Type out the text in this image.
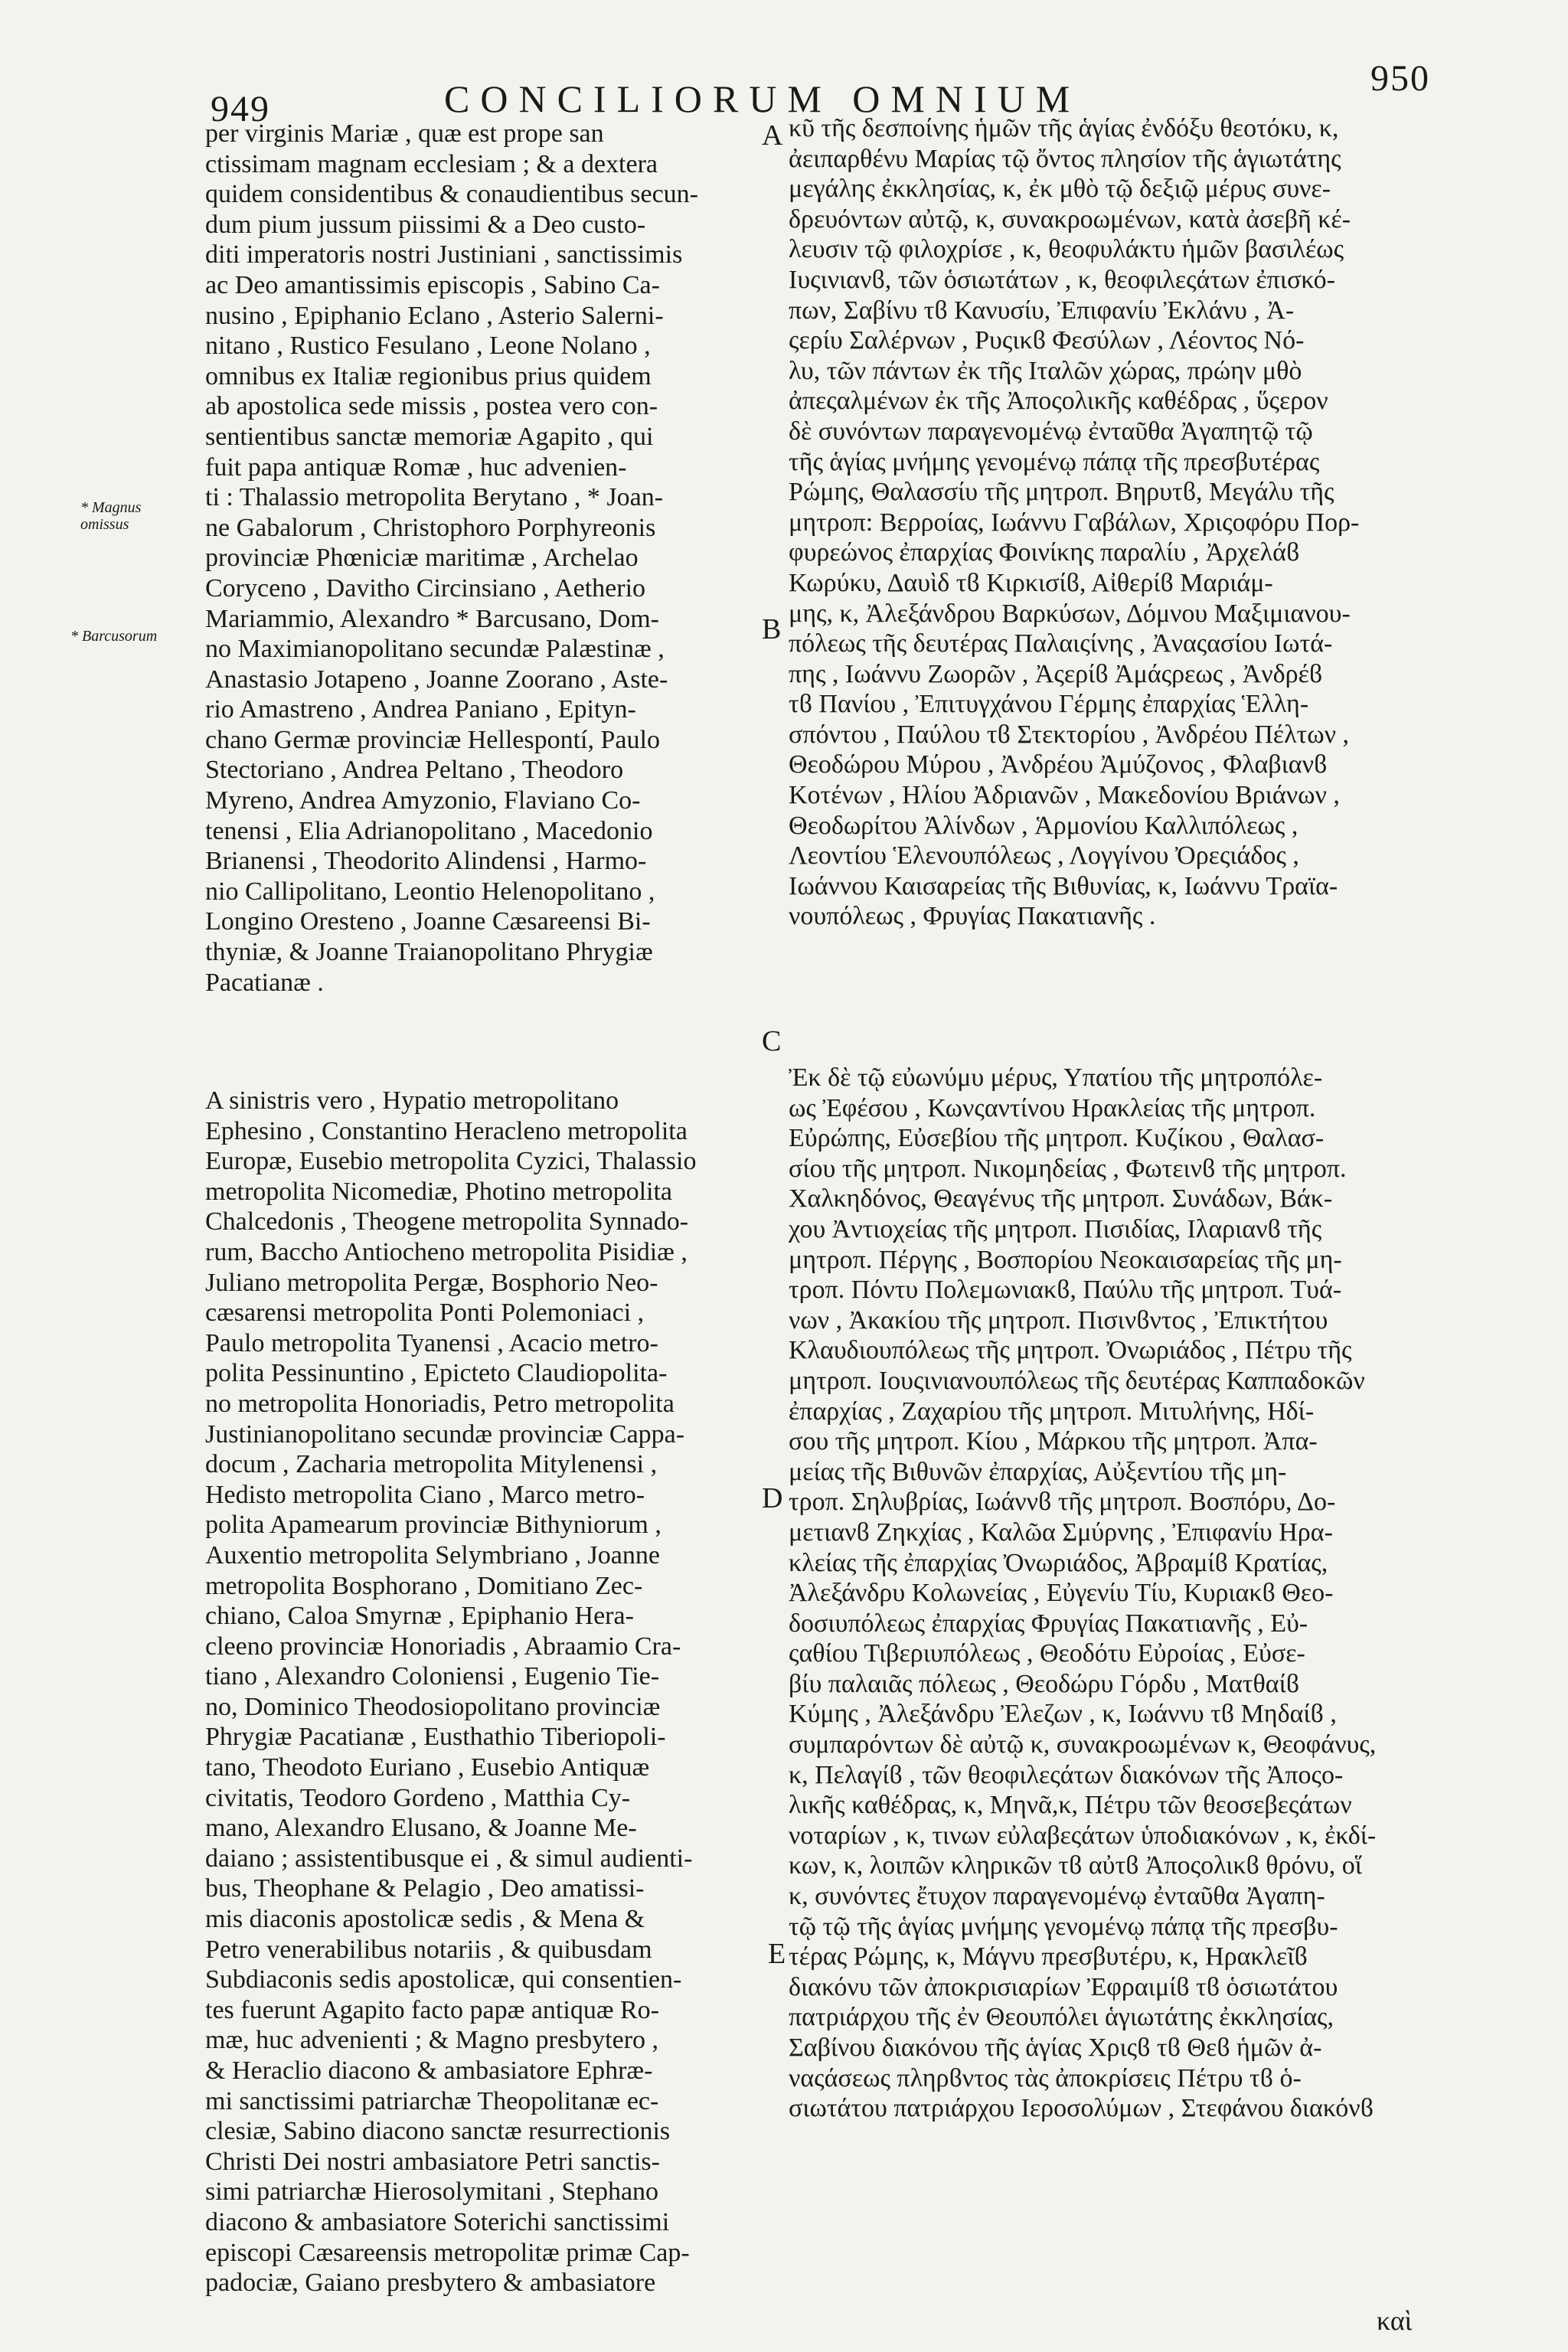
949	CONCILIORUM OMNIUM	950
* Magnus omissus
* Barcusorum
A
B
C
D
E
per virginis Mariæ , quæ est prope san
ctissimam magnam ecclesiam ; & a dextera
quidem considentibus & conaudientibus secun-
dum pium jussum piissimi & a Deo custo-
diti imperatoris nostri Justiniani , sanctissimis
ac Deo amantissimis episcopis , Sabino Ca-
nusino , Epiphanio Eclano , Asterio Salerni-
nitano , Rustico Fesulano , Leone Nolano ,
omnibus ex Italiæ regionibus prius quidem
ab apostolica sede missis , postea vero con-
sentientibus sanctæ memoriæ Agapito , qui
fuit papa antiquæ Romæ , huc advenien-
ti : Thalassio metropolita Berytano , * Joan-
ne Gabalorum , Christophoro Porphyreonis
provinciæ Phœniciæ maritimæ , Archelao
Coryceno , Davitho Circinsiano , Aetherio
Mariammio, Alexandro * Barcusano, Dom-
no Maximianopolitano secundæ Palæstinæ ,
Anastasio Jotapeno , Joanne Zoorano , Aste-
rio Amastreno , Andrea Paniano , Epityn-
chano Germæ provinciæ Hellespontí, Paulo
Stectoriano , Andrea Peltano , Theodoro
Myreno, Andrea Amyzonio, Flaviano Co-
tenensi , Elia Adrianopolitano , Macedonio
Brianensi , Theodorito Alindensi , Harmo-
nio Callipolitano, Leontio Helenopolitano ,
Longino Oresteno , Joanne Cæsareensi Bi-
thyniæ, & Joanne Traianopolitano Phrygiæ
Pacatianæ .
κῦ τῆς δεσποίνης ἡμῶν τῆς ἁγίας ἐνδόξυ θεοτόκυ, κ,
ἀειπαρθένυ Μαρίας τῷ ὄντος πλησίον τῆς ἁγιωτάτης
μεγάλης ἐκκλησίας, κ, ἐκ μθὸ τῷ δεξιῷ μέρυς συνε-
δρευόντων αὐτῷ, κ, συνακροωμένων, κατὰ ἀσεβῆ κέ-
λευσιν τῷ φιλοχρίσε , κ, θεοφυλάκτυ ἡμῶν βασιλέως
Ιυςινιανϐ, τῶν ὁσιωτάτων , κ, θεοφιλεςάτων ἐπισκό-
πων, Σαβίνυ τϐ Κανυσίυ, Ἐπιφανίυ Ἐκλάνυ , Ἀ-
ςερίυ Σαλέρνων , Ρυςικϐ Φεσύλων , Λέοντος Νό-
λυ, τῶν πάντων ἐκ τῆς Ιταλῶν χώρας, πρώην μθὸ
ἀπεςαλμένων ἐκ τῆς Ἀποςολικῆς καθέδρας , ὕςερον
δὲ συνόντων παραγενομένῳ ἐνταῦθα Ἀγαπητῷ τῷ
τῆς ἁγίας μνήμης γενομένῳ πάπᾳ τῆς πρεσβυτέρας
Ρώμης, Θαλασσίυ τῆς μητροπ. Βηρυτϐ, Μεγάλυ τῆς
μητροπ: Βερροίας, Ιωάννυ Γαβάλων, Χριςοφόρυ Πορ-
φυρεώνος ἐπαρχίας Φοινίκης παραλίυ , Ἀρχελάϐ
Κωρύκυ, Δαυὶδ τϐ Κιρκισίϐ, Αἰθερίϐ Μαριάμ-
μης, κ, Ἀλεξάνδρου Βαρκύσων, Δόμνου Μαξιμιανου-
πόλεως τῆς δευτέρας Παλαιςίνης , Ἀναςασίου Ιωτά-
πης , Ιωάννυ Ζωορῶν , Ἀςερίϐ Ἀμάςρεως , Ἀνδρέϐ
τϐ Πανίου , Ἐπιτυγχάνου Γέρμης ἐπαρχίας Ἑλλη-
σπόντου , Παύλου τϐ Στεκτορίου , Ἀνδρέου Πέλτων ,
Θεοδώρου Μύρου , Ἀνδρέου Ἀμύζονος , Φλαβιανϐ
Κοτένων , Ηλίου Ἀδριανῶν , Μακεδονίου Βριάνων ,
Θεοδωρίτου Ἀλίνδων , Ἁρμονίου Καλλιπόλεως ,
Λεοντίου Ἑλενουπόλεως , Λογγίνου Ὀρεςιάδος ,
Ιωάννου Καισαρείας τῆς Βιθυνίας, κ, Ιωάννυ Τραϊα-
νουπόλεως , Φρυγίας Πακατιανῆς .
A sinistris vero , Hypatio metropolitano
Ephesino , Constantino Heracleno metropolita
Europæ, Eusebio metropolita Cyzici, Thalassio
metropolita Nicomediæ, Photino metropolita
Chalcedonis , Theogene metropolita Synnado-
rum, Baccho Antiocheno metropolita Pisidiæ ,
Juliano metropolita Pergæ, Bosphorio Neo-
cæsarensi metropolita Ponti Polemoniaci ,
Paulo metropolita Tyanensi , Acacio metro-
polita Pessinuntino , Epicteto Claudiopolita-
no metropolita Honoriadis, Petro metropolita
Justinianopolitano secundæ provinciæ Cappa-
docum , Zacharia metropolita Mitylenensi ,
Hedisto metropolita Ciano , Marco metro-
polita Apamearum provinciæ Bithyniorum ,
Auxentio metropolita Selymbriano , Joanne
metropolita Bosphorano , Domitiano Zec-
chiano, Caloa Smyrnæ , Epiphanio Hera-
cleeno provinciæ Honoriadis , Abraamio Cra-
tiano , Alexandro Coloniensi , Eugenio Tie-
no, Dominico Theodosiopolitano provinciæ
Phrygiæ Pacatianæ , Eusthathio Tiberiopoli-
tano, Theodoto Euriano , Eusebio Antiquæ
civitatis, Teodoro Gordeno , Matthia Cy-
mano, Alexandro Elusano, & Joanne Me-
daiano ; assistentibusque ei , & simul audienti-
bus, Theophane & Pelagio , Deo amatissi-
mis diaconis apostolicæ sedis , & Mena &
Petro venerabilibus notariis , & quibusdam
Subdiaconis sedis apostolicæ, qui consentien-
tes fuerunt Agapito facto papæ antiquæ Ro-
mæ, huc advenienti ; & Magno presbytero ,
& Heraclio diacono & ambasiatore Ephræ-
mi sanctissimi patriarchæ Theopolitanæ ec-
clesiæ, Sabino diacono sanctæ resurrectionis
Christi Dei nostri ambasiatore Petri sanctis-
simi patriarchæ Hierosolymitani , Stephano
diacono & ambasiatore Soterichi sanctissimi
episcopi Cæsareensis metropolitæ primæ Cap-
padociæ, Gaiano presbytero & ambasiatore
Ἐκ δὲ τῷ εὐωνύμυ μέρυς, Υπατίου τῆς μητροπόλε-
ως Ἐφέσου , Κωνςαντίνου Ηρακλείας τῆς μητροπ.
Εὐρώπης, Εὐσεβίου τῆς μητροπ. Κυζίκου , Θαλασ-
σίου τῆς μητροπ. Νικομηδείας , Φωτεινϐ τῆς μητροπ.
Χαλκηδόνος, Θεαγένυς τῆς μητροπ. Συνάδων, Βάκ-
χου Ἀντιοχείας τῆς μητροπ. Πισιδίας, Ιλαριανϐ τῆς
μητροπ. Πέργης , Βοσπορίου Νεοκαισαρείας τῆς μη-
τροπ. Πόντυ Πολεμωνιακϐ, Παύλυ τῆς μητροπ. Τυά-
νων , Ἀκακίου τῆς μητροπ. Πισινϐντος , Ἐπικτήτου
Κλαυδιουπόλεως τῆς μητροπ. Ὀνωριάδος , Πέτρυ τῆς
μητροπ. Ιουςινιανουπόλεως τῆς δευτέρας Καππαδοκῶν
ἐπαρχίας , Ζαχαρίου τῆς μητροπ. Μιτυλήνης, Ηδί-
σου τῆς μητροπ. Κίου , Μάρκου τῆς μητροπ. Ἀπα-
μείας τῆς Βιθυνῶν ἐπαρχίας, Αὐξεντίου τῆς μη-
τροπ. Σηλυβρίας, Ιωάννϐ τῆς μητροπ. Βοσπόρυ, Δο-
μετιανϐ Ζηκχίας , Καλῶα Σμύρνης , Ἐπιφανίυ Ηρα-
κλείας τῆς ἐπαρχίας Ὀνωριάδος, Ἀβραμίϐ Κρατίας,
Ἀλεξάνδρυ Κολωνείας , Εὐγενίυ Τίυ, Κυριακϐ Θεο-
δοσιυπόλεως ἐπαρχίας Φρυγίας Πακατιανῆς , Εὐ-
ςαθίου Τιβεριυπόλεως , Θεοδότυ Εὐροίας , Εὐσε-
βίυ παλαιᾶς πόλεως , Θεοδώρυ Γόρδυ , Ματθαίϐ
Κύμης , Ἀλεξάνδρυ Ἐλεζων , κ, Ιωάννυ τϐ Μηδαίϐ ,
συμπαρόντων δὲ αὐτῷ κ, συνακροωμένων κ, Θεοφάνυς,
κ, Πελαγίϐ , τῶν θεοφιλεςάτων διακόνων τῆς Ἀποςο-
λικῆς καθέδρας, κ, Μηνᾶ,κ, Πέτρυ τῶν θεοσεβεςάτων
νοταρίων , κ, τινων εὐλαβεςάτων ὑποδιακόνων , κ, ἐκδί-
κων, κ, λοιπῶν κληρικῶν τϐ αὐτϐ Ἀποςολικϐ θρόνυ, οἵ
κ, συνόντες ἔτυχον παραγενομένῳ ἐνταῦθα Ἀγαπη-
τῷ τῷ τῆς ἁγίας μνήμης γενομένῳ πάπᾳ τῆς πρεσβυ-
τέρας Ρώμης, κ, Μάγνυ πρεσβυτέρυ, κ, Ηρακλεῖϐ
διακόνυ τῶν ἀποκρισιαρίων Ἐφραιμίϐ τϐ ὁσιωτάτου
πατριάρχου τῆς ἐν Θεουπόλει ἁγιωτάτης ἐκκλησίας,
Σαβίνου διακόνου τῆς ἁγίας Χριςϐ τϐ Θεϐ ἡμῶν ἀ-
ναςάσεως πληρϐντος τὰς ἀποκρίσεις Πέτρυ τϐ ὁ-
σιωτάτου πατριάρχου Ιεροσολύμων , Στεφάνου διακόνϐ
καὶ
